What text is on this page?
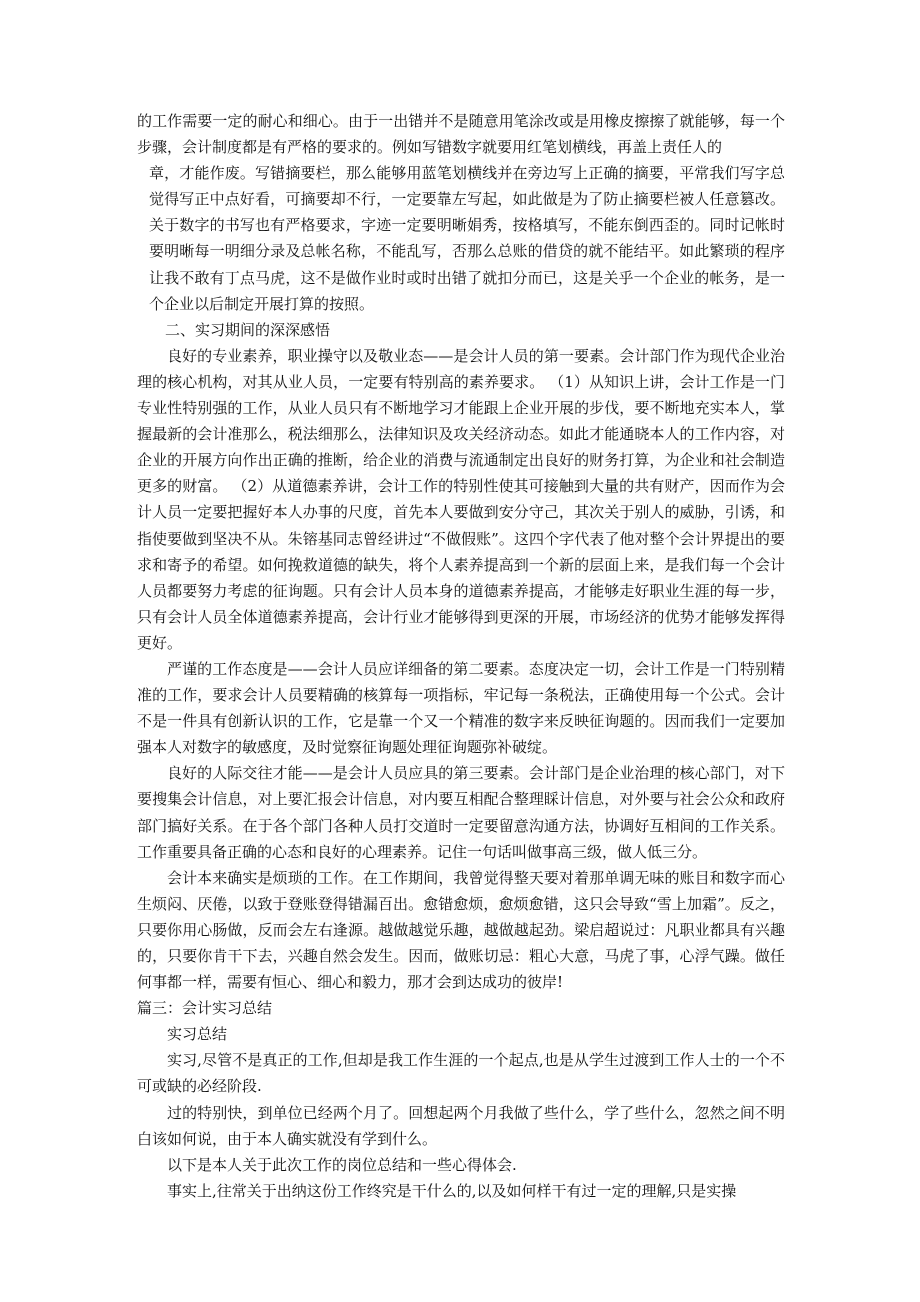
的工作需要一定的耐心和细心。由于一出错并不是随意用笔涂改或是用橡皮擦擦了就能够，每一个步骤，会计制度都是有严格的要求的。例如写错数字就要用红笔划横线，再盖上责任人的

章，才能作废。写错摘要栏，那么能够用蓝笔划横线并在旁边写上正确的摘要，平常我们写字总觉得写正中点好看，可摘要却不行，一定要靠左写起，如此做是为了防止摘要栏被人任意篡改。关于数字的书写也有严格要求，字迹一定要明晰娟秀，按格填写，不能东倒西歪的。同时记帐时要明晰每一明细分录及总帐名称，不能乱写，否那么总账的借贷的就不能结平。如此繁琐的程序让我不敢有丁点马虎，这不是做作业时或时出错了就扣分而已，这是关乎一个企业的帐务，是一个企业以后制定开展打算的按照。

二、实习期间的深深感悟

良好的专业素养，职业操守以及敬业态——是会计人员的第一要素。会计部门作为现代企业治理的核心机构，对其从业人员，一定要有特别高的素养要求。 （1）从知识上讲，会计工作是一门专业性特别强的工作，从业人员只有不断地学习才能跟上企业开展的步伐，要不断地充实本人，掌握最新的会计准那么，税法细那么，法律知识及攻关经济动态。如此才能通晓本人的工作内容，对企业的开展方向作出正确的推断，给企业的消费与流通制定出良好的财务打算，为企业和社会制造更多的财富。 （2）从道德素养讲，会计工作的特别性使其可接触到大量的共有财产，因而作为会计人员一定要把握好本人办事的尺度，首先本人要做到安分守己，其次关于别人的威胁，引诱，和指使要做到坚决不从。朱镕基同志曾经讲过“不做假账”。这四个字代表了他对整个会计界提出的要求和寄予的希望。如何挽救道德的缺失，将个人素养提高到一个新的层面上来，是我们每一个会计人员都要努力考虑的征询题。只有会计人员本身的道德素养提高，才能够走好职业生涯的每一步，只有会计人员全体道德素养提高，会计行业才能够得到更深的开展，市场经济的优势才能够发挥得更好。

严谨的工作态度是——会计人员应详细备的第二要素。态度决定一切，会计工作是一门特别精准的工作，要求会计人员要精确的核算每一项指标，牢记每一条税法，正确使用每一个公式。会计不是一件具有创新认识的工作，它是靠一个又一个精准的数字来反映征询题的。因而我们一定要加强本人对数字的敏感度，及时觉察征询题处理征询题弥补破绽。

良好的人际交往才能——是会计人员应具的第三要素。会计部门是企业治理的核心部门，对下要搜集会计信息，对上要汇报会计信息，对内要互相配合整理睬计信息，对外要与社会公众和政府部门搞好关系。在于各个部门各种人员打交道时一定要留意沟通方法，协调好互相间的工作关系。工作重要具备正确的心态和良好的心理素养。记住一句话叫做事高三级，做人低三分。

会计本来确实是烦琐的工作。在工作期间，我曾觉得整天要对着那单调无味的账目和数字而心生烦闷、厌倦，以致于登账登得错漏百出。愈错愈烦，愈烦愈错，这只会导致“雪上加霜”。反之，只要你用心肠做，反而会左右逢源。越做越觉乐趣，越做越起劲。梁启超说过：凡职业都具有兴趣的，只要你肯干下去，兴趣自然会发生。因而，做账切忌：粗心大意，马虎了事，心浮气躁。做任何事都一样，需要有恒心、细心和毅力，那才会到达成功的彼岸!

篇三：会计实习总结

实习总结

实习,尽管不是真正的工作,但却是我工作生涯的一个起点,也是从学生过渡到工作人士的一个不可或缺的必经阶段.

过的特别快，到单位已经两个月了。回想起两个月我做了些什么，学了些什么，忽然之间不明白该如何说，由于本人确实就没有学到什么。

以下是本人关于此次工作的岗位总结和一些心得体会.

事实上,往常关于出纳这份工作终究是干什么的,以及如何样干有过一定的理解,只是实操
